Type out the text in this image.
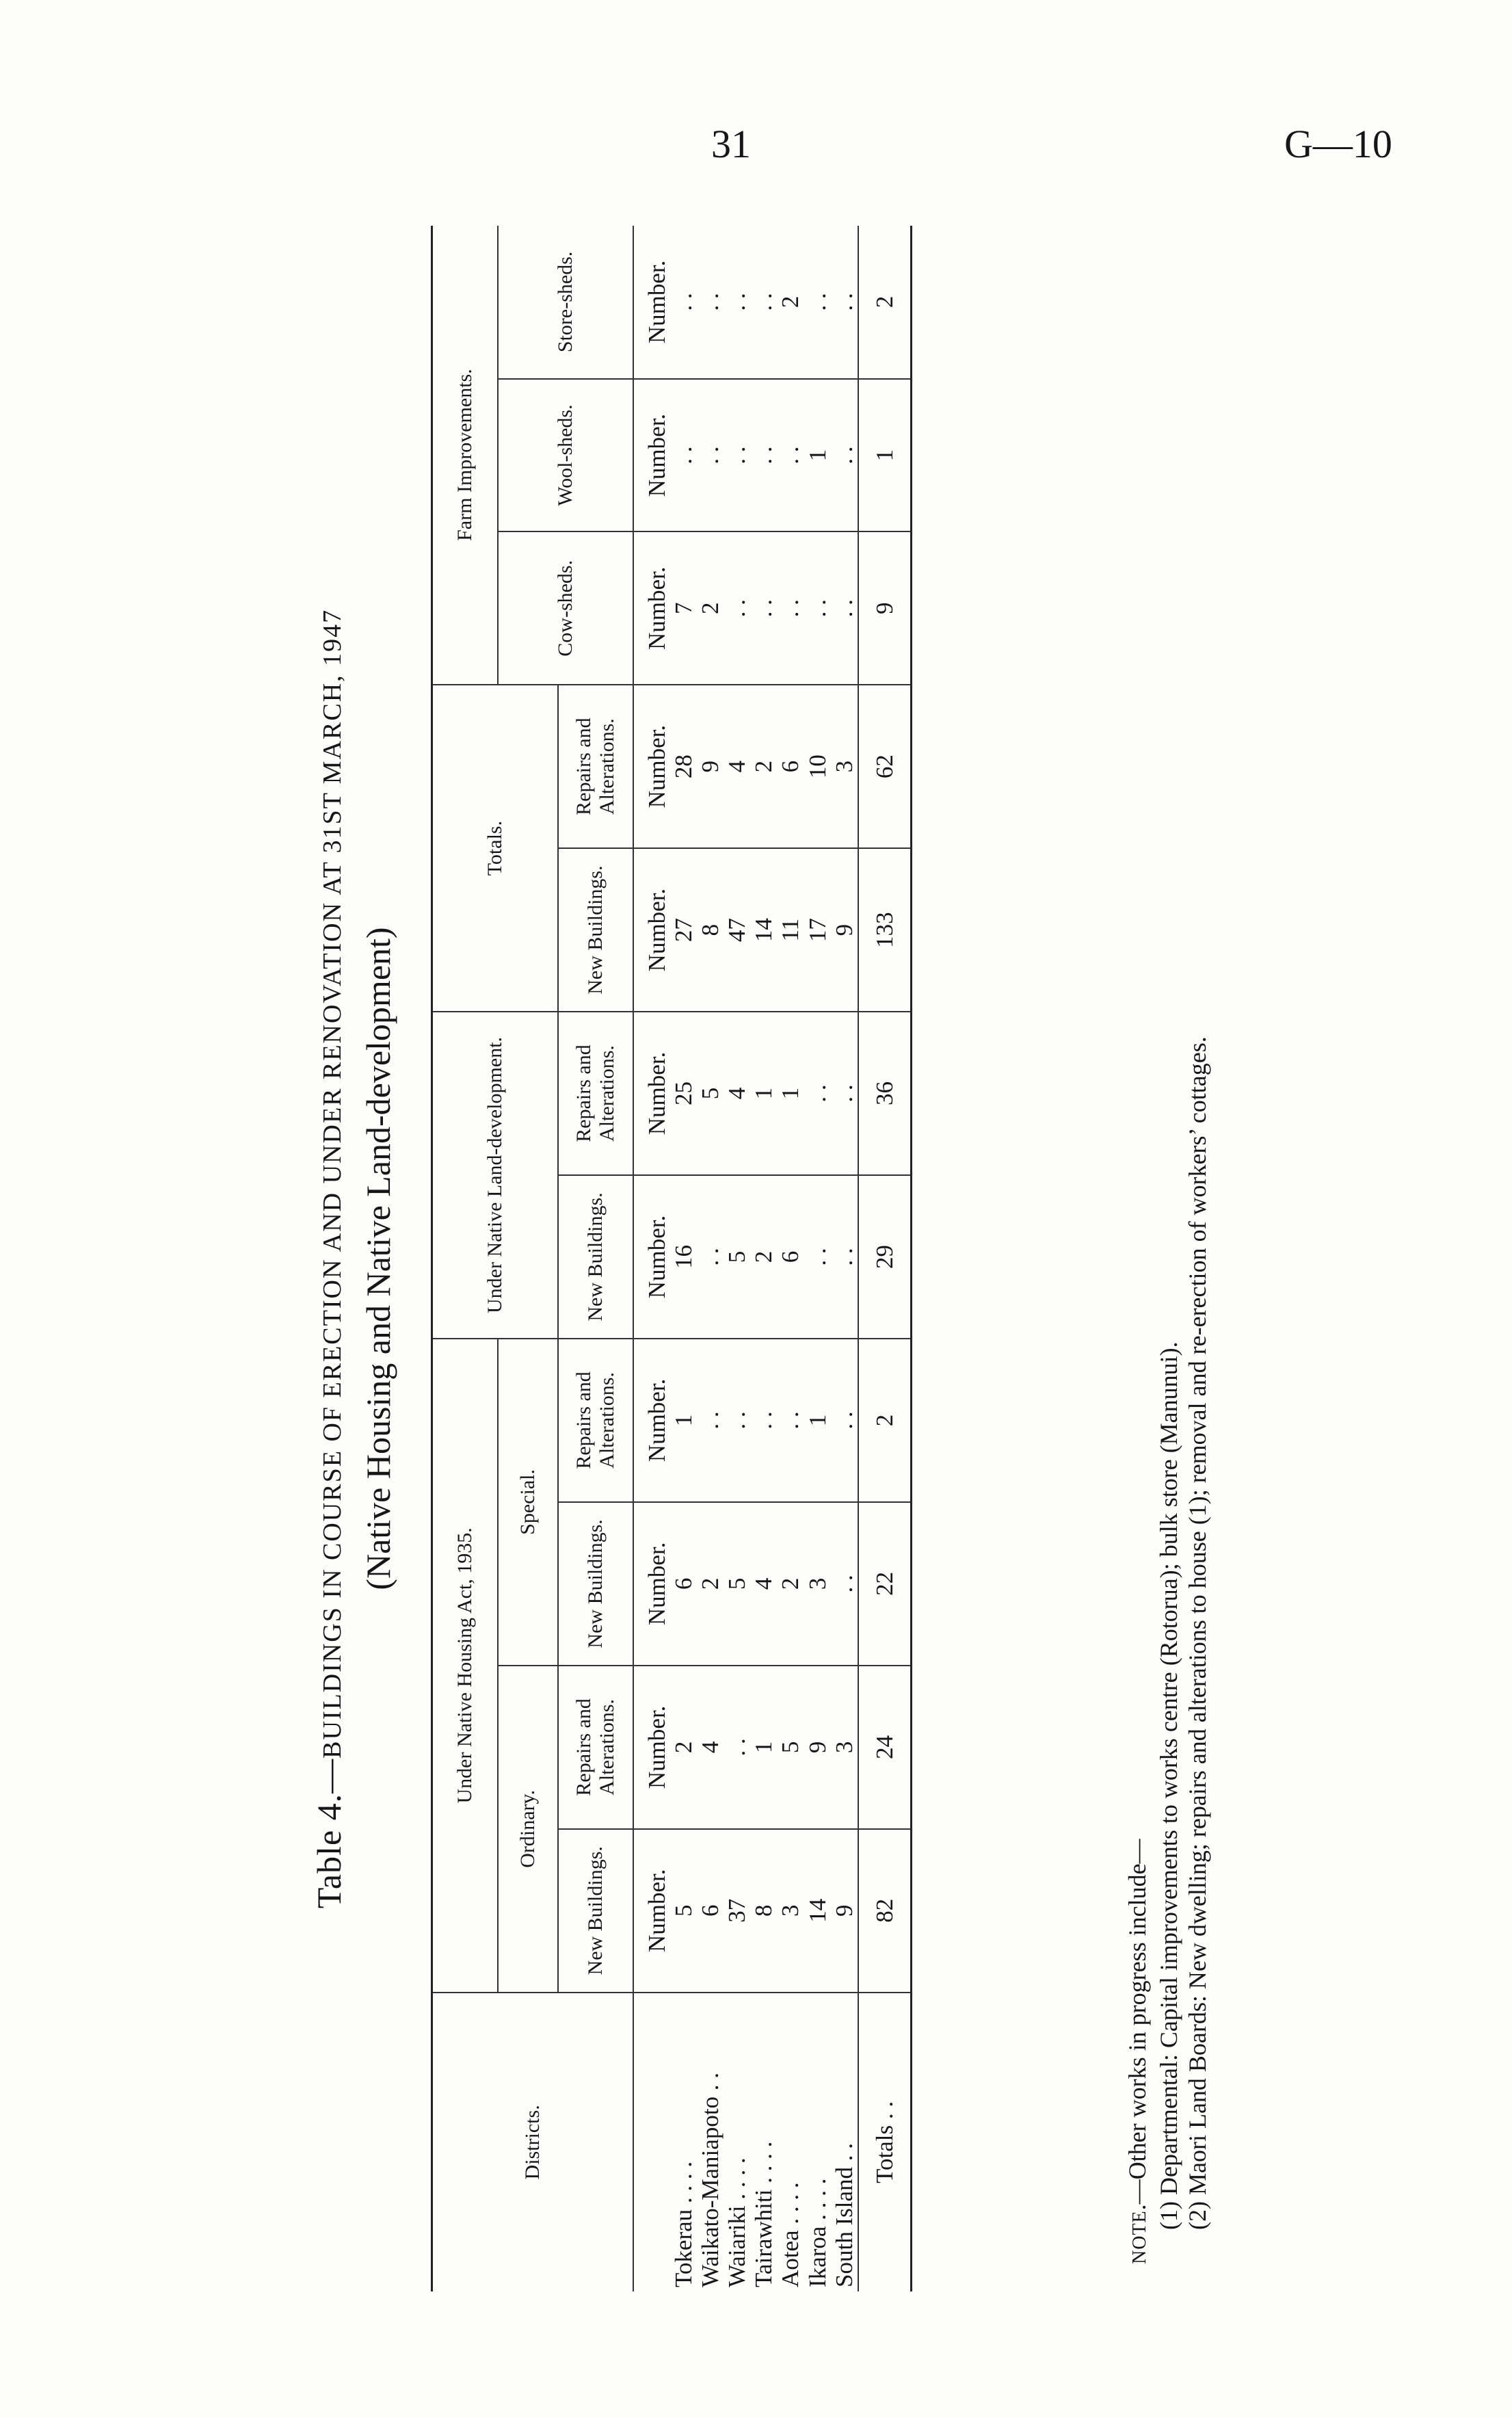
31	G—10
Table 4.—BUILDINGS IN COURSE OF ERECTION AND UNDER RENOVATION AT 31ST MARCH, 1947 (Native Housing and Native Land-development)
Districts.	Under Native Housing Act, 1935.				Under Native Land-development.		Totals.		Farm Improvements.		
	Ordinary.		Special.						Cow-sheds.	Wool-sheds.	Store-sheds.
	New Buildings.	Repairs and Alterations.	New Buildings.	Repairs and Alterations.	New Buildings.	Repairs and Alterations.	New Buildings.	Repairs and Alterations.			
	Number.	Number.	Number.	Number.	Number.	Number.	Number.	Number.	Number.	Number.	Number.
Tokerau . . . .	5	2	6	1	16	25	27	28	7	. .	. .
Waikato-Maniapoto . .	6	4	2	. .	. .	5	8	9	2	. .	. .
Waiariki . . . .	37	. .	5	. .	5	4	47	4	. .	. .	. .
Tairawhiti . . . .	8	1	4	. .	2	1	14	2	. .	. .	. .
Aotea . . . .	3	5	2	. .	6	1	11	6	. .	. .	2
Ikaroa . . . .	14	9	3	1	. .	. .	17	10	. .	1	. .
South Island . .	9	3	. .	. .	. .	. .	9	3	. .	. .	. .
Totals . .	82	24	22	2	29	36	133	62	9	1	2
NOTE.—Other works in progress include— (1) Departmental: Capital improvements to works centre (Rotorua); bulk store (Manunui). (2) Maori Land Boards: New dwelling; repairs and alterations to house (1); removal and re-erection of workers’ cottages.
